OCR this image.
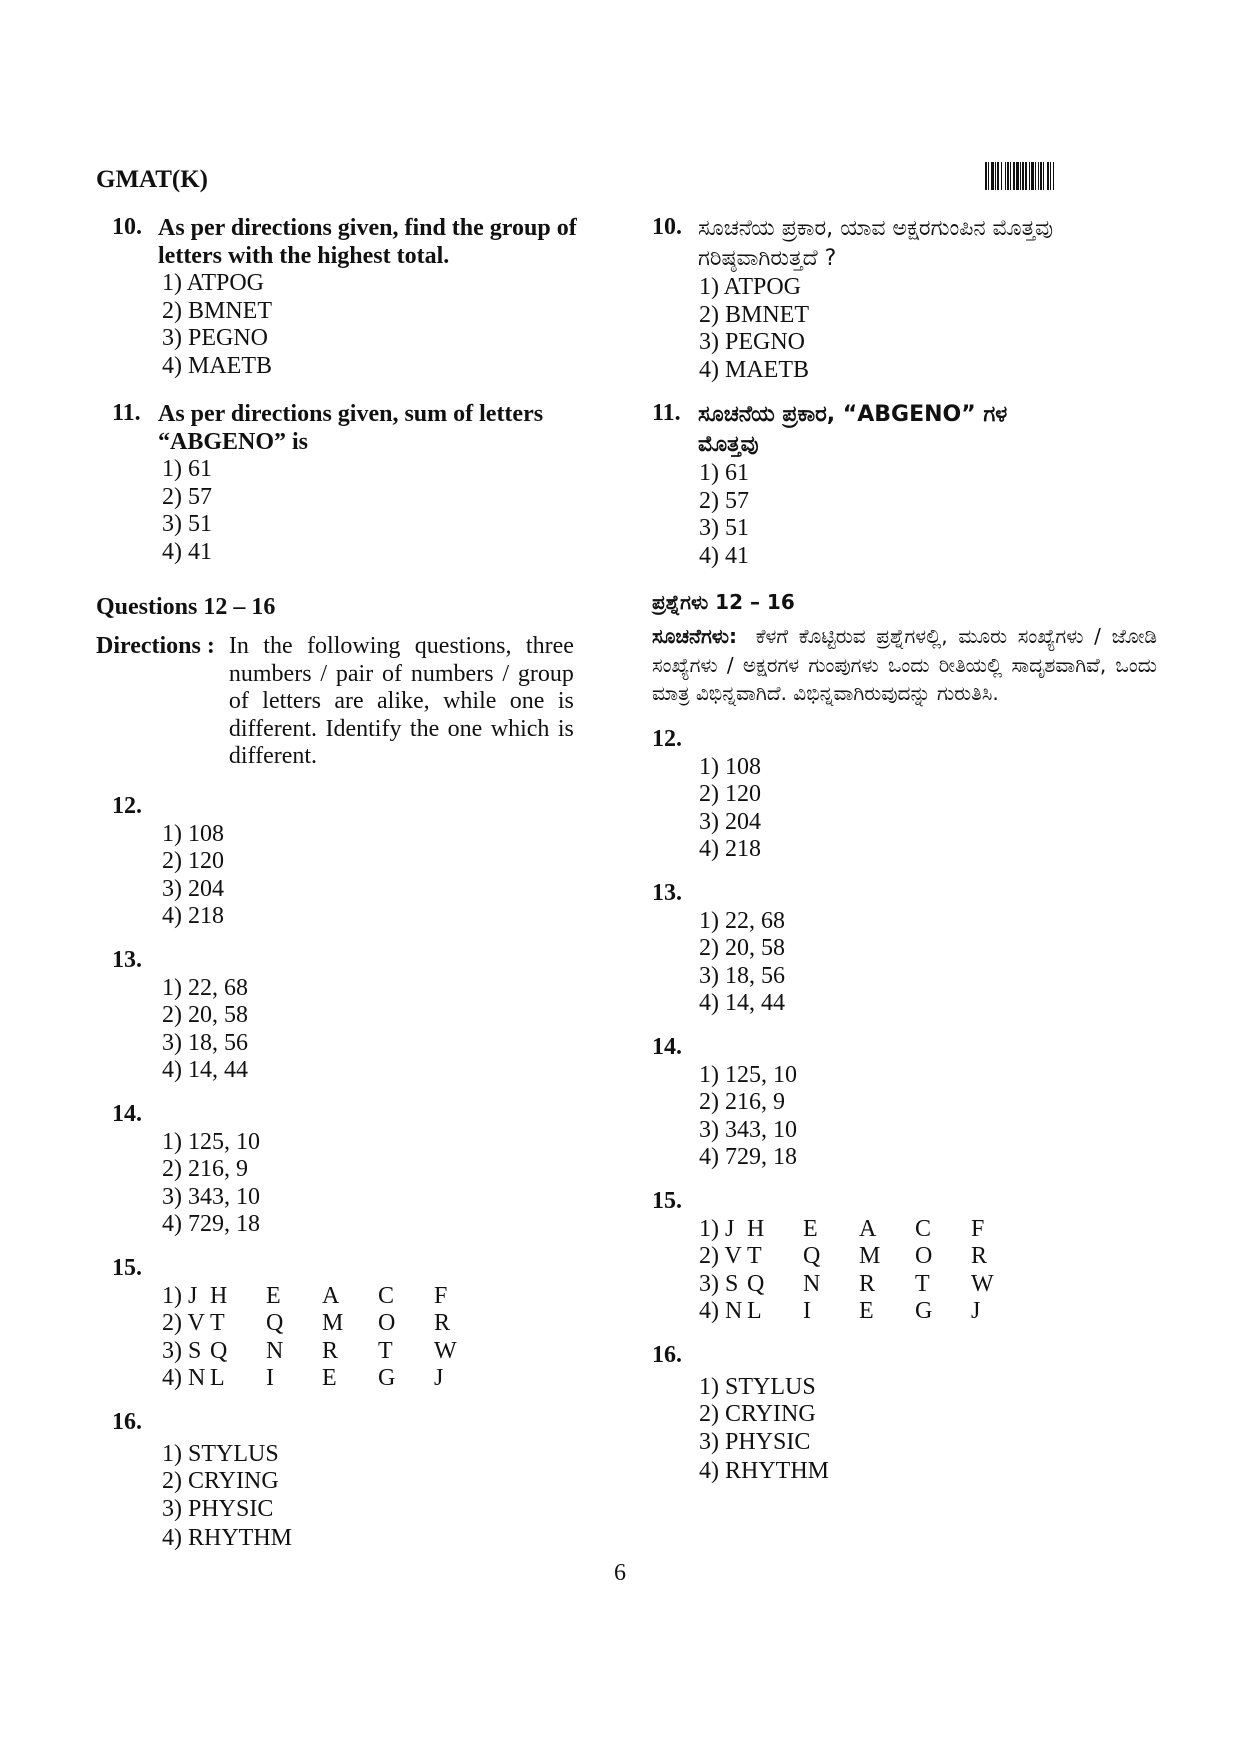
GMAT(K)
10. As per directions given, find the group of letters with the highest total.
1) ATPOG
2) BMNET
3) PEGNO
4) MAETB
11. As per directions given, sum of letters “ABGENO” is
1) 61
2) 57
3) 51
4) 41
Questions 12 – 16
Directions : In the following questions, three numbers / pair of numbers / group of letters are alike, while one is different. Identify the one which is different.
12.
1) 108
2) 120
3) 204
4) 218
13.
1) 22, 68
2) 20, 58
3) 18, 56
4) 14, 44
14.
1) 125, 10
2) 216, 9
3) 343, 10
4) 729, 18
15.
1) J H	E	A	C	F
2) V T	Q	M	O	R
3) S Q	N	R	T	W
4) N L	I	E	G	J
16.
1) STYLUS
2) CRYING
3) PHYSIC
4) RHYTHM
10. ಸೂಚನೆಯ ಪ್ರಕಾರ, ಯಾವ ಅಕ್ಷರಗುಂಪಿನ ಮೊತ್ತವು ಗರಿಷ್ಠವಾಗಿರುತ್ತದೆ ?
1) ATPOG
2) BMNET
3) PEGNO
4) MAETB
11. ಸೂಚನೆಯ ಪ್ರಕಾರ, “ABGENO” ಗಳ ಮೊತ್ತವು
1) 61
2) 57
3) 51
4) 41
ಪ್ರಶ್ನೆಗಳು 12 – 16
ಸೂಚನೆಗಳು: ಕೆಳಗೆ ಕೊಟ್ಟಿರುವ ಪ್ರಶ್ನೆಗಳಲ್ಲಿ, ಮೂರು ಸಂಖ್ಯೆಗಳು / ಜೋಡಿ ಸಂಖ್ಯೆಗಳು / ಅಕ್ಷರಗಳ ಗುಂಪುಗಳು ಒಂದು ರೀತಿಯಲ್ಲಿ ಸಾದೃಶವಾಗಿವೆ, ಒಂದು ಮಾತ್ರ ವಿಭಿನ್ನವಾಗಿದೆ. ವಿಭಿನ್ನವಾಗಿರುವುದನ್ನು ಗುರುತಿಸಿ.
12.
1) 108
2) 120
3) 204
4) 218
13.
1) 22, 68
2) 20, 58
3) 18, 56
4) 14, 44
14.
1) 125, 10
2) 216, 9
3) 343, 10
4) 729, 18
15.
1) J H	E	A	C	F
2) V T	Q	M	O	R
3) S Q	N	R	T	W
4) N L	I	E	G	J
16.
1) STYLUS
2) CRYING
3) PHYSIC
4) RHYTHM
6
